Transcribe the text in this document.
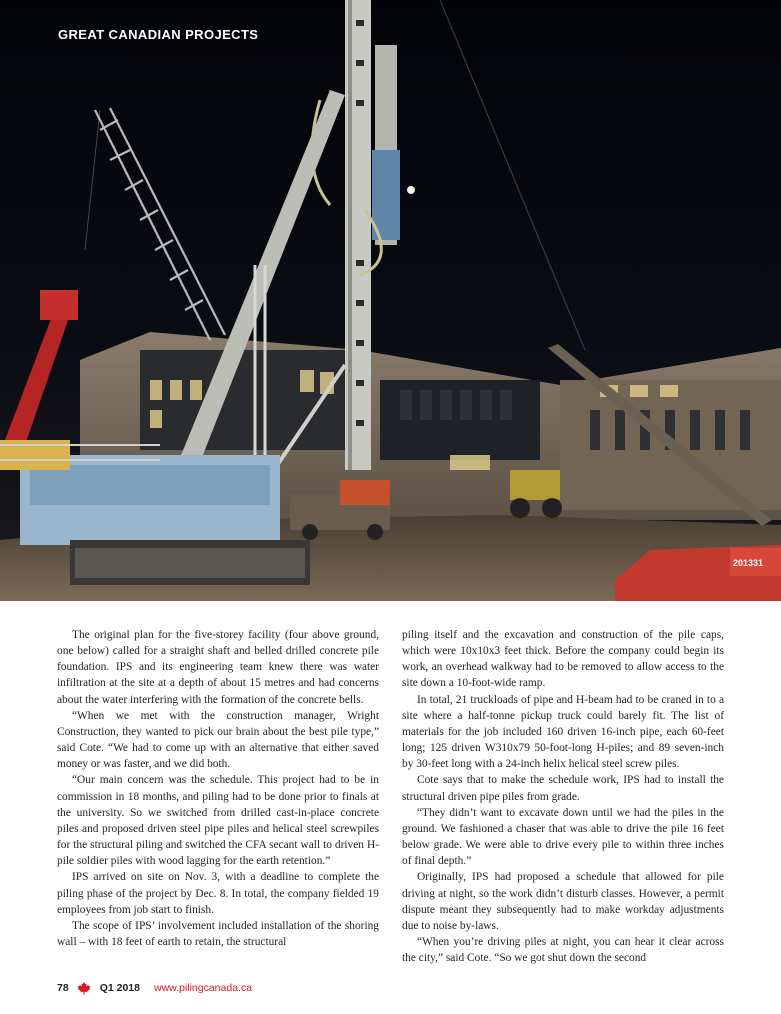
201331
GREAT CANADIAN PROJECTS

The original plan for the five-storey facility (four above ground, one below) called for a straight shaft and belled drilled concrete pile foundation. IPS and its engineering team knew there was water infiltration at the site at a depth of about 15 metres and had concerns about the water interfering with the formation of the concrete bells.

“When we met with the construction manager, Wright Construction, they wanted to pick our brain about the best pile type,” said Cote. “We had to come up with an alternative that either saved money or was faster, and we did both.

“Our main concern was the schedule. This project had to be in commission in 18 months, and piling had to be done prior to finals at the university. So we switched from drilled cast-in-place concrete piles and proposed driven steel pipe piles and helical steel screwpiles for the structural piling and switched the CFA secant wall to driven H-pile soldier piles with wood lagging for the earth retention.”

IPS arrived on site on Nov. 3, with a deadline to complete the piling phase of the project by Dec. 8. In total, the company fielded 19 employees from job start to finish.

The scope of IPS’ involvement included installation of the shoring wall – with 18 feet of earth to retain, the structural

piling itself and the excavation and construction of the pile caps, which were 10x10x3 feet thick. Before the company could begin its work, an overhead walkway had to be removed to allow access to the site down a 10-foot-wide ramp.

In total, 21 truckloads of pipe and H-beam had to be craned in to a site where a half-tonne pickup truck could barely fit. The list of materials for the job included 160 driven 16-inch pipe, each 60-feet long; 125 driven W310x79 50-foot-long H-piles; and 89 seven-inch by 30-feet long with a 24-inch helix helical steel screw piles.

Cote says that to make the schedule work, IPS had to install the structural driven pipe piles from grade.

“They didn’t want to excavate down until we had the piles in the ground. We fashioned a chaser that was able to drive the pile 16 feet below grade. We were able to drive every pile to within three inches of final depth.”

Originally, IPS had proposed a schedule that allowed for pile driving at night, so the work didn’t disturb classes. However, a permit dispute meant they subsequently had to make workday adjustments due to noise by-laws.

“When you’re driving piles at night, you can hear it clear across the city,” said Cote. “So we got shut down the second

78	Q1 2018 www.pilingcanada.ca
